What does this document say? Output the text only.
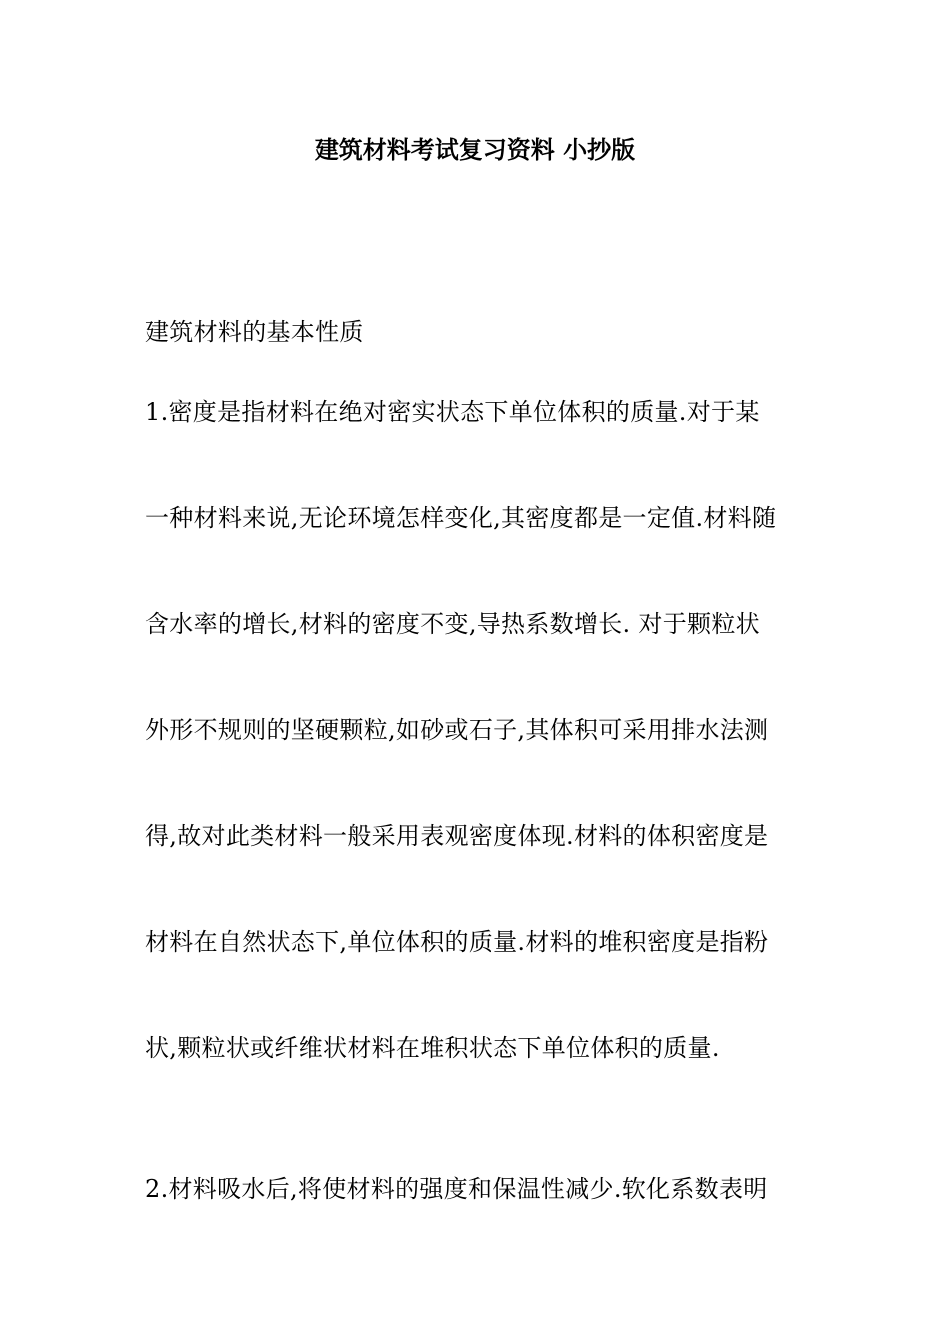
建筑材料考试复习资料 小抄版
建筑材料的基本性质
1.密度是指材料在绝对密实状态下单位体积的质量.对于某
一种材料来说,无论环境怎样变化,其密度都是一定值.材料随
含水率的增长,材料的密度不变,导热系数增长. 对于颗粒状
外形不规则的坚硬颗粒,如砂或石子,其体积可采用排水法测
得,故对此类材料一般采用表观密度体现.材料的体积密度是
材料在自然状态下,单位体积的质量.材料的堆积密度是指粉
状,颗粒状或纤维状材料在堆积状态下单位体积的质量.
2.材料吸水后,将使材料的强度和保温性减少.软化系数表明
